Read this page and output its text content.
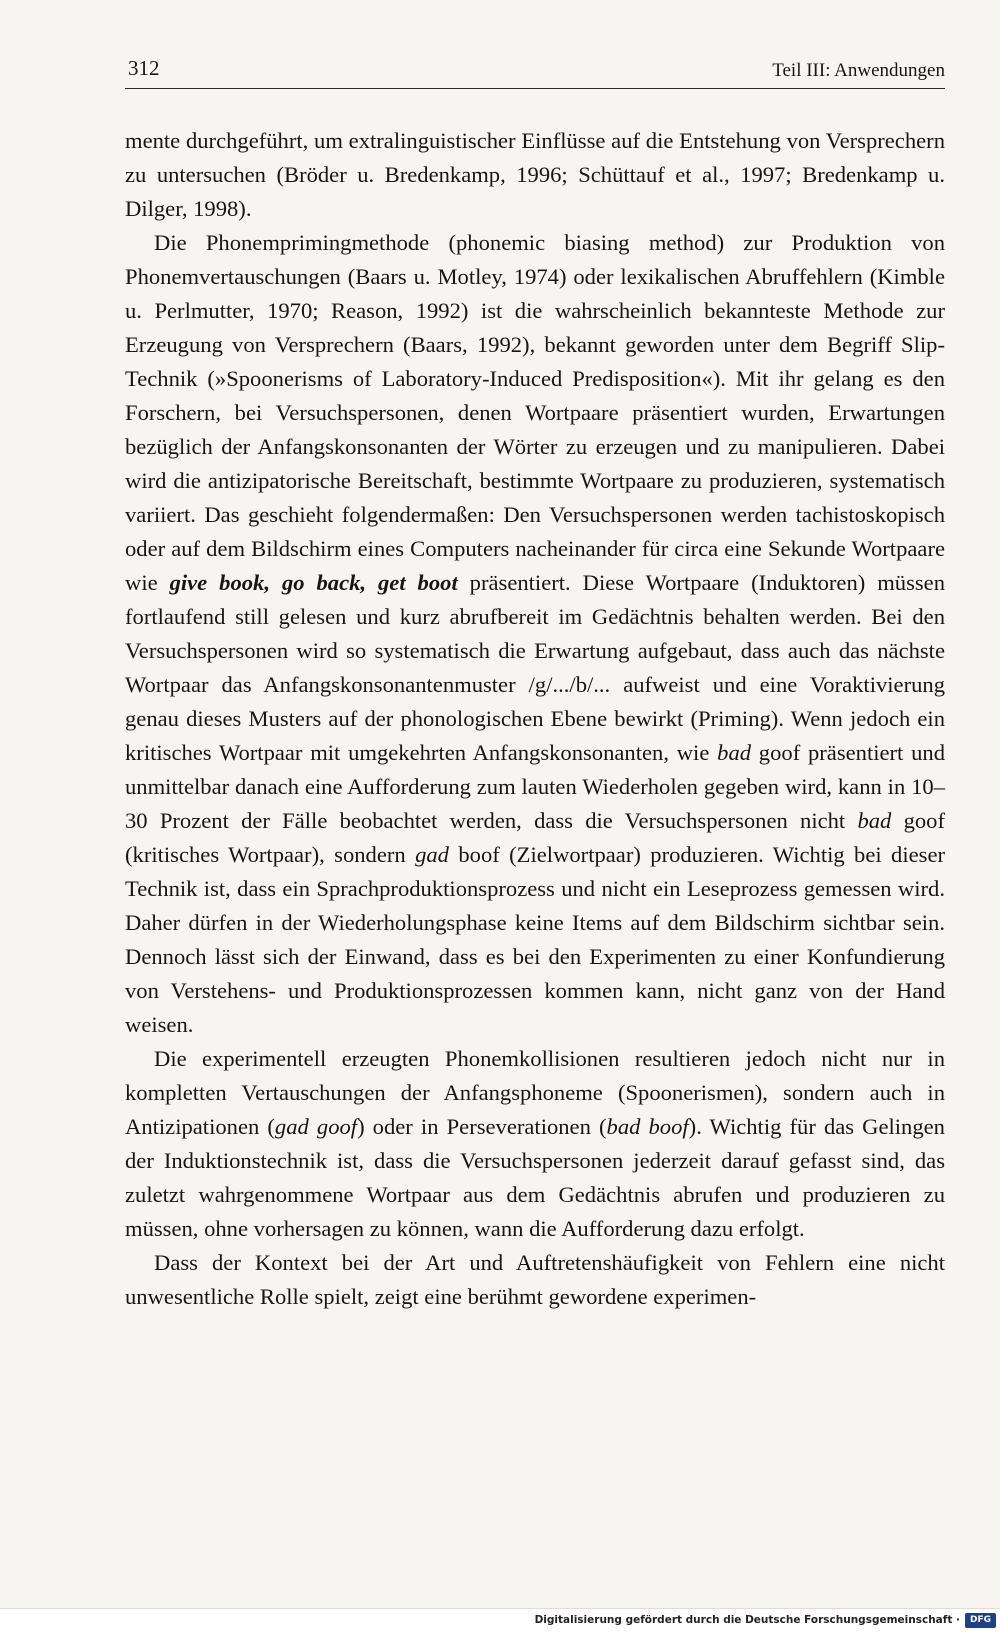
312	Teil III: Anwendungen

mente durchgeführt, um extralinguistischer Einflüsse auf die Entstehung von Versprechern zu untersuchen (Bröder u. Bredenkamp, 1996; Schüttauf et al., 1997; Bredenkamp u. Dilger, 1998).

Die Phonemprimingmethode (phonemic biasing method) zur Produktion von Phonemvertauschungen (Baars u. Motley, 1974) oder lexikalischen Abruffehlern (Kimble u. Perlmutter, 1970; Reason, 1992) ist die wahrscheinlich bekannteste Methode zur Erzeugung von Versprechern (Baars, 1992), bekannt geworden unter dem Begriff Slip-Technik (»Spoonerisms of Laboratory-Induced Predisposition«). Mit ihr gelang es den Forschern, bei Versuchspersonen, denen Wortpaare präsentiert wurden, Erwartungen bezüglich der Anfangskonsonanten der Wörter zu erzeugen und zu manipulieren. Dabei wird die antizipatorische Bereitschaft, bestimmte Wortpaare zu produzieren, systematisch variiert. Das geschieht folgendermaßen: Den Versuchspersonen werden tachistoskopisch oder auf dem Bildschirm eines Computers nacheinander für circa eine Sekunde Wortpaare wie give book, go back, get boot präsentiert. Diese Wortpaare (Induktoren) müssen fortlaufend still gelesen und kurz abrufbereit im Gedächtnis behalten werden. Bei den Versuchspersonen wird so systematisch die Erwartung aufgebaut, dass auch das nächste Wortpaar das Anfangskonsonantenmuster /g/.../b/... aufweist und eine Voraktivierung genau dieses Musters auf der phonologischen Ebene bewirkt (Priming). Wenn jedoch ein kritisches Wortpaar mit umgekehrten Anfangskonsonanten, wie bad goof präsentiert und unmittelbar danach eine Aufforderung zum lauten Wiederholen gegeben wird, kann in 10–30 Prozent der Fälle beobachtet werden, dass die Versuchspersonen nicht bad goof (kritisches Wortpaar), sondern gad boof (Zielwortpaar) produzieren. Wichtig bei dieser Technik ist, dass ein Sprachproduktionsprozess und nicht ein Leseprozess gemessen wird. Daher dürfen in der Wiederholungsphase keine Items auf dem Bildschirm sichtbar sein. Dennoch lässt sich der Einwand, dass es bei den Experimenten zu einer Konfundierung von Verstehens- und Produktionsprozessen kommen kann, nicht ganz von der Hand weisen.

Die experimentell erzeugten Phonemkollisionen resultieren jedoch nicht nur in kompletten Vertauschungen der Anfangsphoneme (Spoonerismen), sondern auch in Antizipationen (gad goof) oder in Perseverationen (bad boof). Wichtig für das Gelingen der Induktionstechnik ist, dass die Versuchspersonen jederzeit darauf gefasst sind, das zuletzt wahrgenommene Wortpaar aus dem Gedächtnis abrufen und produzieren zu müssen, ohne vorhersagen zu können, wann die Aufforderung dazu erfolgt.

Dass der Kontext bei der Art und Auftretenshäufigkeit von Fehlern eine nicht unwesentliche Rolle spielt, zeigt eine berühmt gewordene experimen-

Digitalisierung gefördert durch die Deutsche Forschungsgemeinschaft ·	DFG
